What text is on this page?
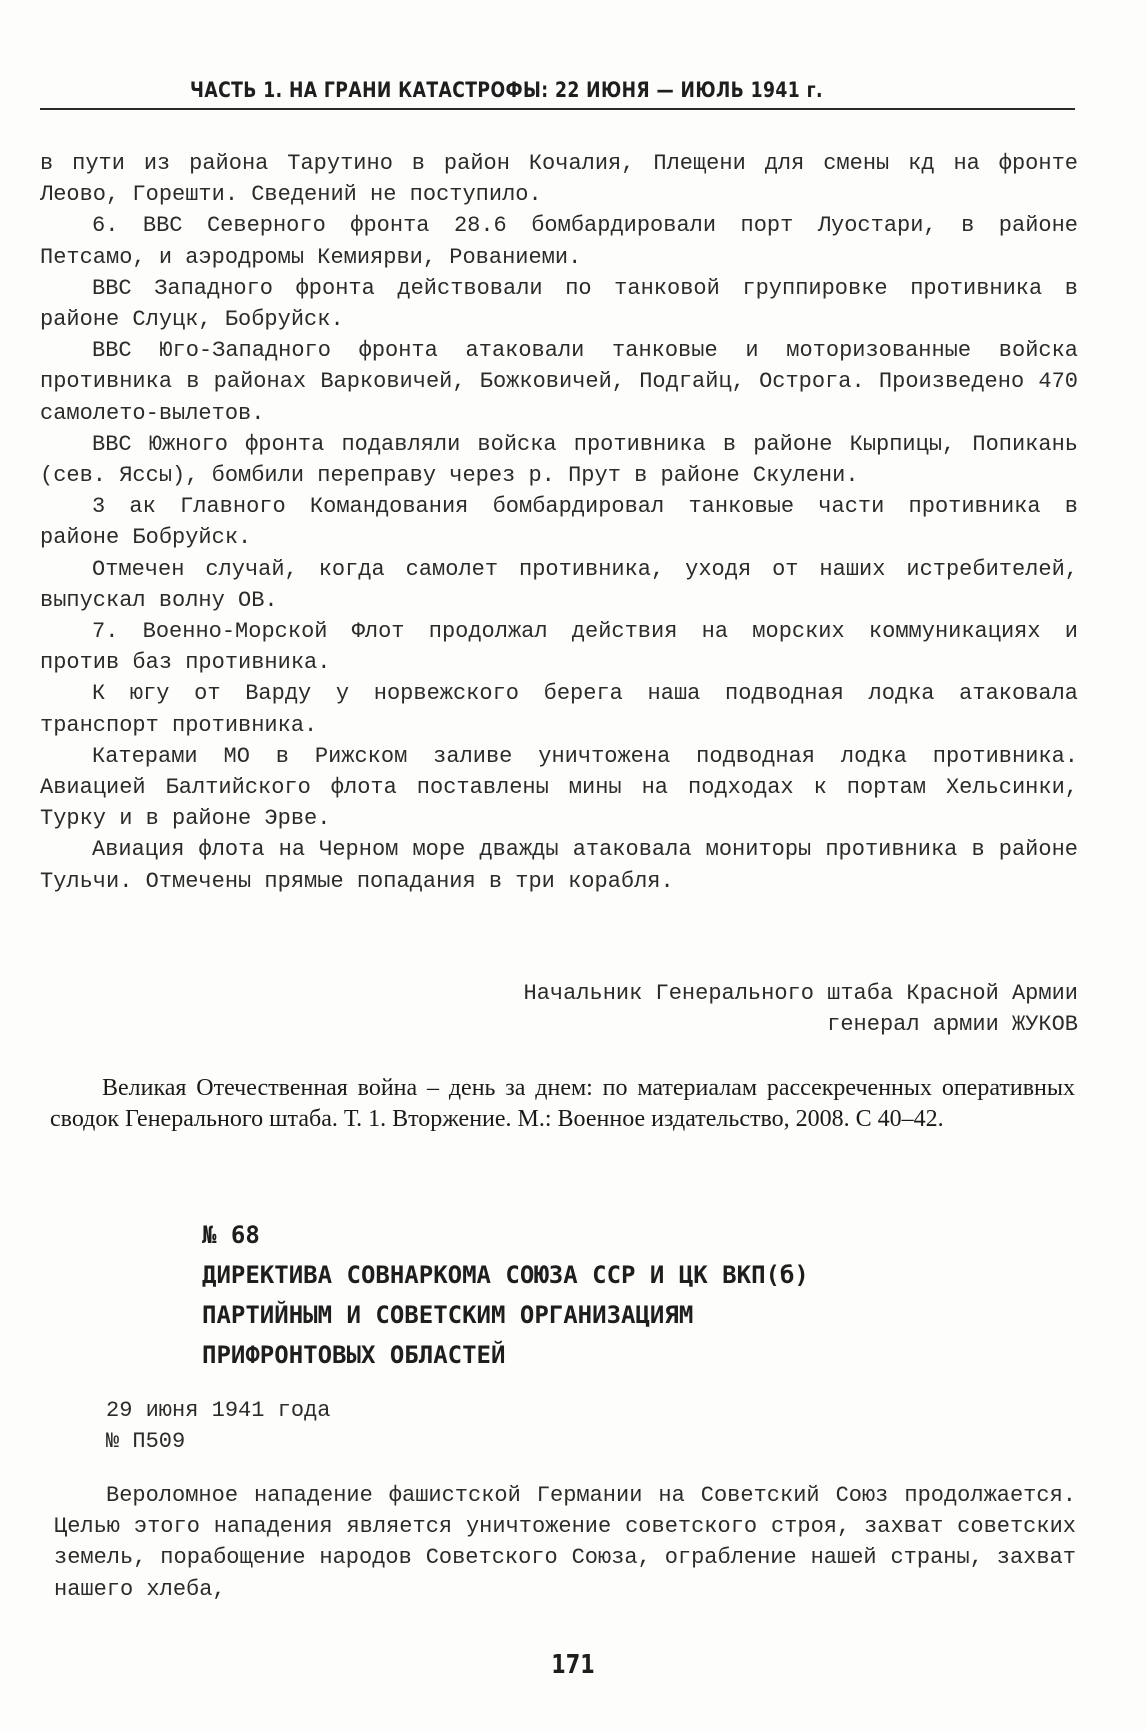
ЧАСТЬ 1. НА ГРАНИ КАТАСТРОФЫ: 22 ИЮНЯ — ИЮЛЬ 1941 г.

в пути из района Тарутино в район Кочалия, Плещени для смены кд на фронте Леово, Горешти. Сведений не поступило.

6. ВВС Северного фронта 28.6 бомбардировали порт Луостари, в районе Петсамо, и аэродромы Кемиярви, Рованиеми.

ВВС Западного фронта действовали по танковой группировке противника в районе Слуцк, Бобруйск.

ВВС Юго-Западного фронта атаковали танковые и моторизованные войска противника в районах Варковичей, Божковичей, Подгайц, Острога. Произведено 470 самолето-вылетов.

ВВС Южного фронта подавляли войска противника в районе Кырпицы, Попикань (сев. Яссы), бомбили переправу через р. Прут в районе Скулени.

3 ак Главного Командования бомбардировал танковые части противника в районе Бобруйск.

Отмечен случай, когда самолет противника, уходя от наших истребителей, выпускал волну ОВ.

7. Военно-Морской Флот продолжал действия на морских коммуникациях и против баз противника.

К югу от Варду у норвежского берега наша подводная лодка атаковала транспорт противника.

Катерами МО в Рижском заливе уничтожена подводная лодка противника. Авиацией Балтийского флота поставлены мины на подходах к портам Хельсинки, Турку и в районе Эрве.

Авиация флота на Черном море дважды атаковала мониторы противника в районе Тульчи. Отмечены прямые попадания в три корабля.

Начальник Генерального штаба Красной Армии
генерал армии ЖУКОВ

Великая Отечественная война – день за днем: по материалам рассекреченных оперативных сводок Генерального штаба. Т. 1. Вторжение. М.: Военное издательство, 2008. С 40–42.

№ 68
ДИРЕКТИВА СОВНАРКОМА СОЮЗА ССР И ЦК ВКП(б)
ПАРТИЙНЫМ И СОВЕТСКИМ ОРГАНИЗАЦИЯМ
ПРИФРОНТОВЫХ ОБЛАСТЕЙ
29 июня 1941 года
№ П509

Вероломное нападение фашистской Германии на Советский Союз продолжается. Целью этого нападения является уничтожение советского строя, захват советских земель, порабощение народов Советского Союза, ограбление нашей страны, захват нашего хлеба,

171
